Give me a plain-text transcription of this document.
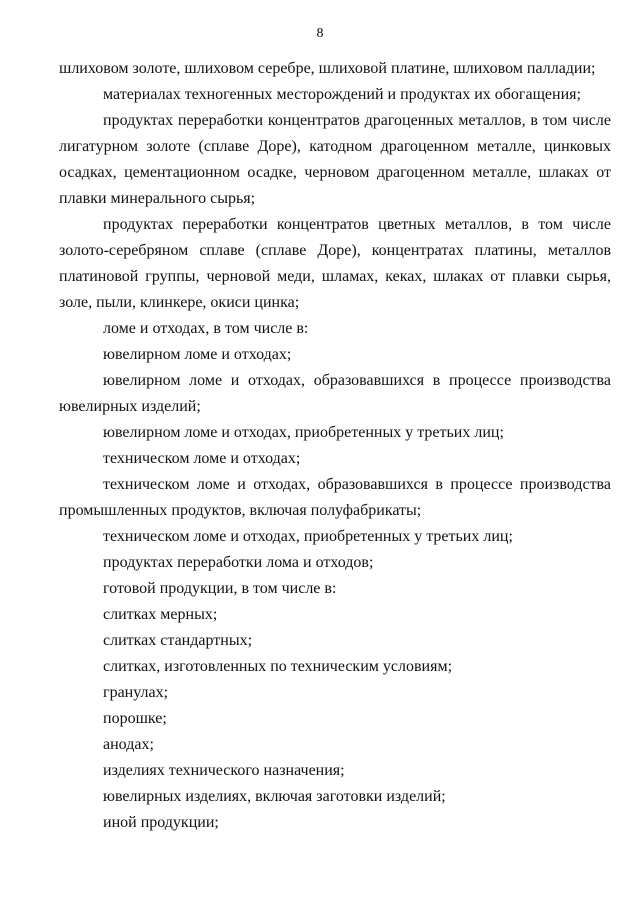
8

шлиховом золоте, шлиховом серебре, шлиховой платине, шлиховом палладии;

материалах техногенных месторождений и продуктах их обогащения;

продуктах переработки концентратов драгоценных металлов, в том числе лигатурном золоте (сплаве Доре), катодном драгоценном металле, цинковых осадках, цементационном осадке, черновом драгоценном металле, шлаках от плавки минерального сырья;

продуктах переработки концентратов цветных металлов, в том числе золото-серебряном сплаве (сплаве Доре), концентратах платины, металлов платиновой группы, черновой меди, шламах, кеках, шлаках от плавки сырья, золе, пыли, клинкере, окиси цинка;

ломе и отходах, в том числе в:

ювелирном ломе и отходах;

ювелирном ломе и отходах, образовавшихся в процессе производства ювелирных изделий;

ювелирном ломе и отходах, приобретенных у третьих лиц;

техническом ломе и отходах;

техническом ломе и отходах, образовавшихся в процессе производства промышленных продуктов, включая полуфабрикаты;

техническом ломе и отходах, приобретенных у третьих лиц;

продуктах переработки лома и отходов;

готовой продукции, в том числе в:

слитках мерных;

слитках стандартных;

слитках, изготовленных по техническим условиям;

гранулах;

порошке;

анодах;

изделиях технического назначения;

ювелирных изделиях, включая заготовки изделий;

иной продукции;
